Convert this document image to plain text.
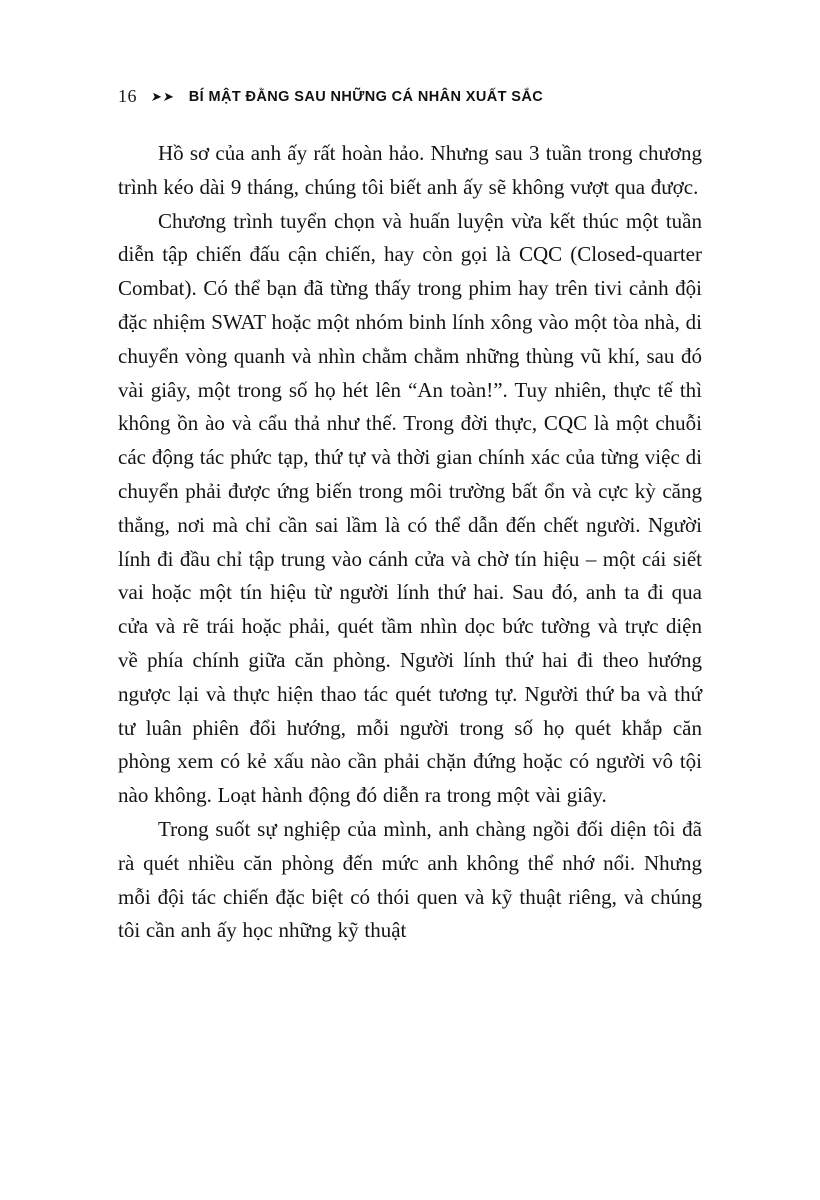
16 ➤➤ BÍ MẬT ĐẰNG SAU NHỮNG CÁ NHÂN XUẤT SẮC

Hồ sơ của anh ấy rất hoàn hảo. Nhưng sau 3 tuần trong chương trình kéo dài 9 tháng, chúng tôi biết anh ấy sẽ không vượt qua được.

Chương trình tuyển chọn và huấn luyện vừa kết thúc một tuần diễn tập chiến đấu cận chiến, hay còn gọi là CQC (Closed-quarter Combat). Có thể bạn đã từng thấy trong phim hay trên tivi cảnh đội đặc nhiệm SWAT hoặc một nhóm binh lính xông vào một tòa nhà, di chuyển vòng quanh và nhìn chằm chằm những thùng vũ khí, sau đó vài giây, một trong số họ hét lên “An toàn!”. Tuy nhiên, thực tế thì không ồn ào và cẩu thả như thế. Trong đời thực, CQC là một chuỗi các động tác phức tạp, thứ tự và thời gian chính xác của từng việc di chuyển phải được ứng biến trong môi trường bất ổn và cực kỳ căng thẳng, nơi mà chỉ cần sai lầm là có thể dẫn đến chết người. Người lính đi đầu chỉ tập trung vào cánh cửa và chờ tín hiệu – một cái siết vai hoặc một tín hiệu từ người lính thứ hai. Sau đó, anh ta đi qua cửa và rẽ trái hoặc phải, quét tầm nhìn dọc bức tường và trực diện về phía chính giữa căn phòng. Người lính thứ hai đi theo hướng ngược lại và thực hiện thao tác quét tương tự. Người thứ ba và thứ tư luân phiên đổi hướng, mỗi người trong số họ quét khắp căn phòng xem có kẻ xấu nào cần phải chặn đứng hoặc có người vô tội nào không. Loạt hành động đó diễn ra trong một vài giây.

Trong suốt sự nghiệp của mình, anh chàng ngồi đối diện tôi đã rà quét nhiều căn phòng đến mức anh không thể nhớ nổi. Nhưng mỗi đội tác chiến đặc biệt có thói quen và kỹ thuật riêng, và chúng tôi cần anh ấy học những kỹ thuật
